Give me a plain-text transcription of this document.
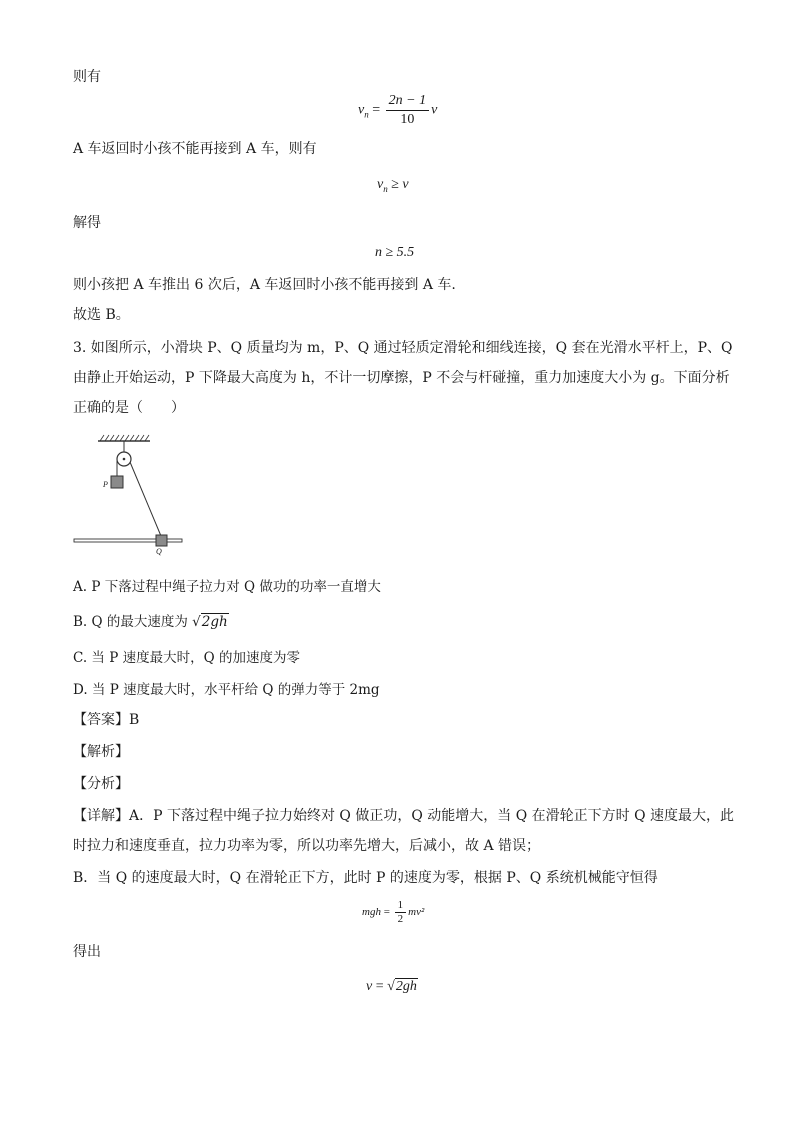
则有
$v_n = \frac{2n - 1}{10}$ v
A 车返回时小孩不能再接到 A 车，则有
$v_n \ge v$
解得
n ≥ 5.5
则小孩把 A 车推出 6 次后，A 车返回时小孩不能再接到 A 车.
故选 B。
3. 如图所示，小滑块 P、Q 质量均为 m，P、Q 通过轻质定滑轮和细线连接，Q 套在光滑水平杆上，P、Q
由静止开始运动，P 下降最大高度为 h，不计一切摩擦，P 不会与杆碰撞，重力加速度大小为 g。下面分析
正确的是（　　）
P
Q
A. P 下落过程中绳子拉力对 Q 做功的功率一直增大
B. Q 的最大速度为 √2gh
C. 当 P 速度最大时，Q 的加速度为零
D. 当 P 速度最大时，水平杆给 Q 的弹力等于 2mg
【答案】B
【解析】
【分析】
【详解】A．P 下落过程中绳子拉力始终对 Q 做正功，Q 动能增大，当 Q 在滑轮正下方时 Q 速度最大，此
时拉力和速度垂直，拉力功率为零，所以功率先增大，后减小，故 A 错误；
B．当 Q 的速度最大时，Q 在滑轮正下方，此时 P 的速度为零，根据 P、Q 系统机械能守恒得
mgh = $\frac{1}{2} mv^2$
得出
v = √2gh
